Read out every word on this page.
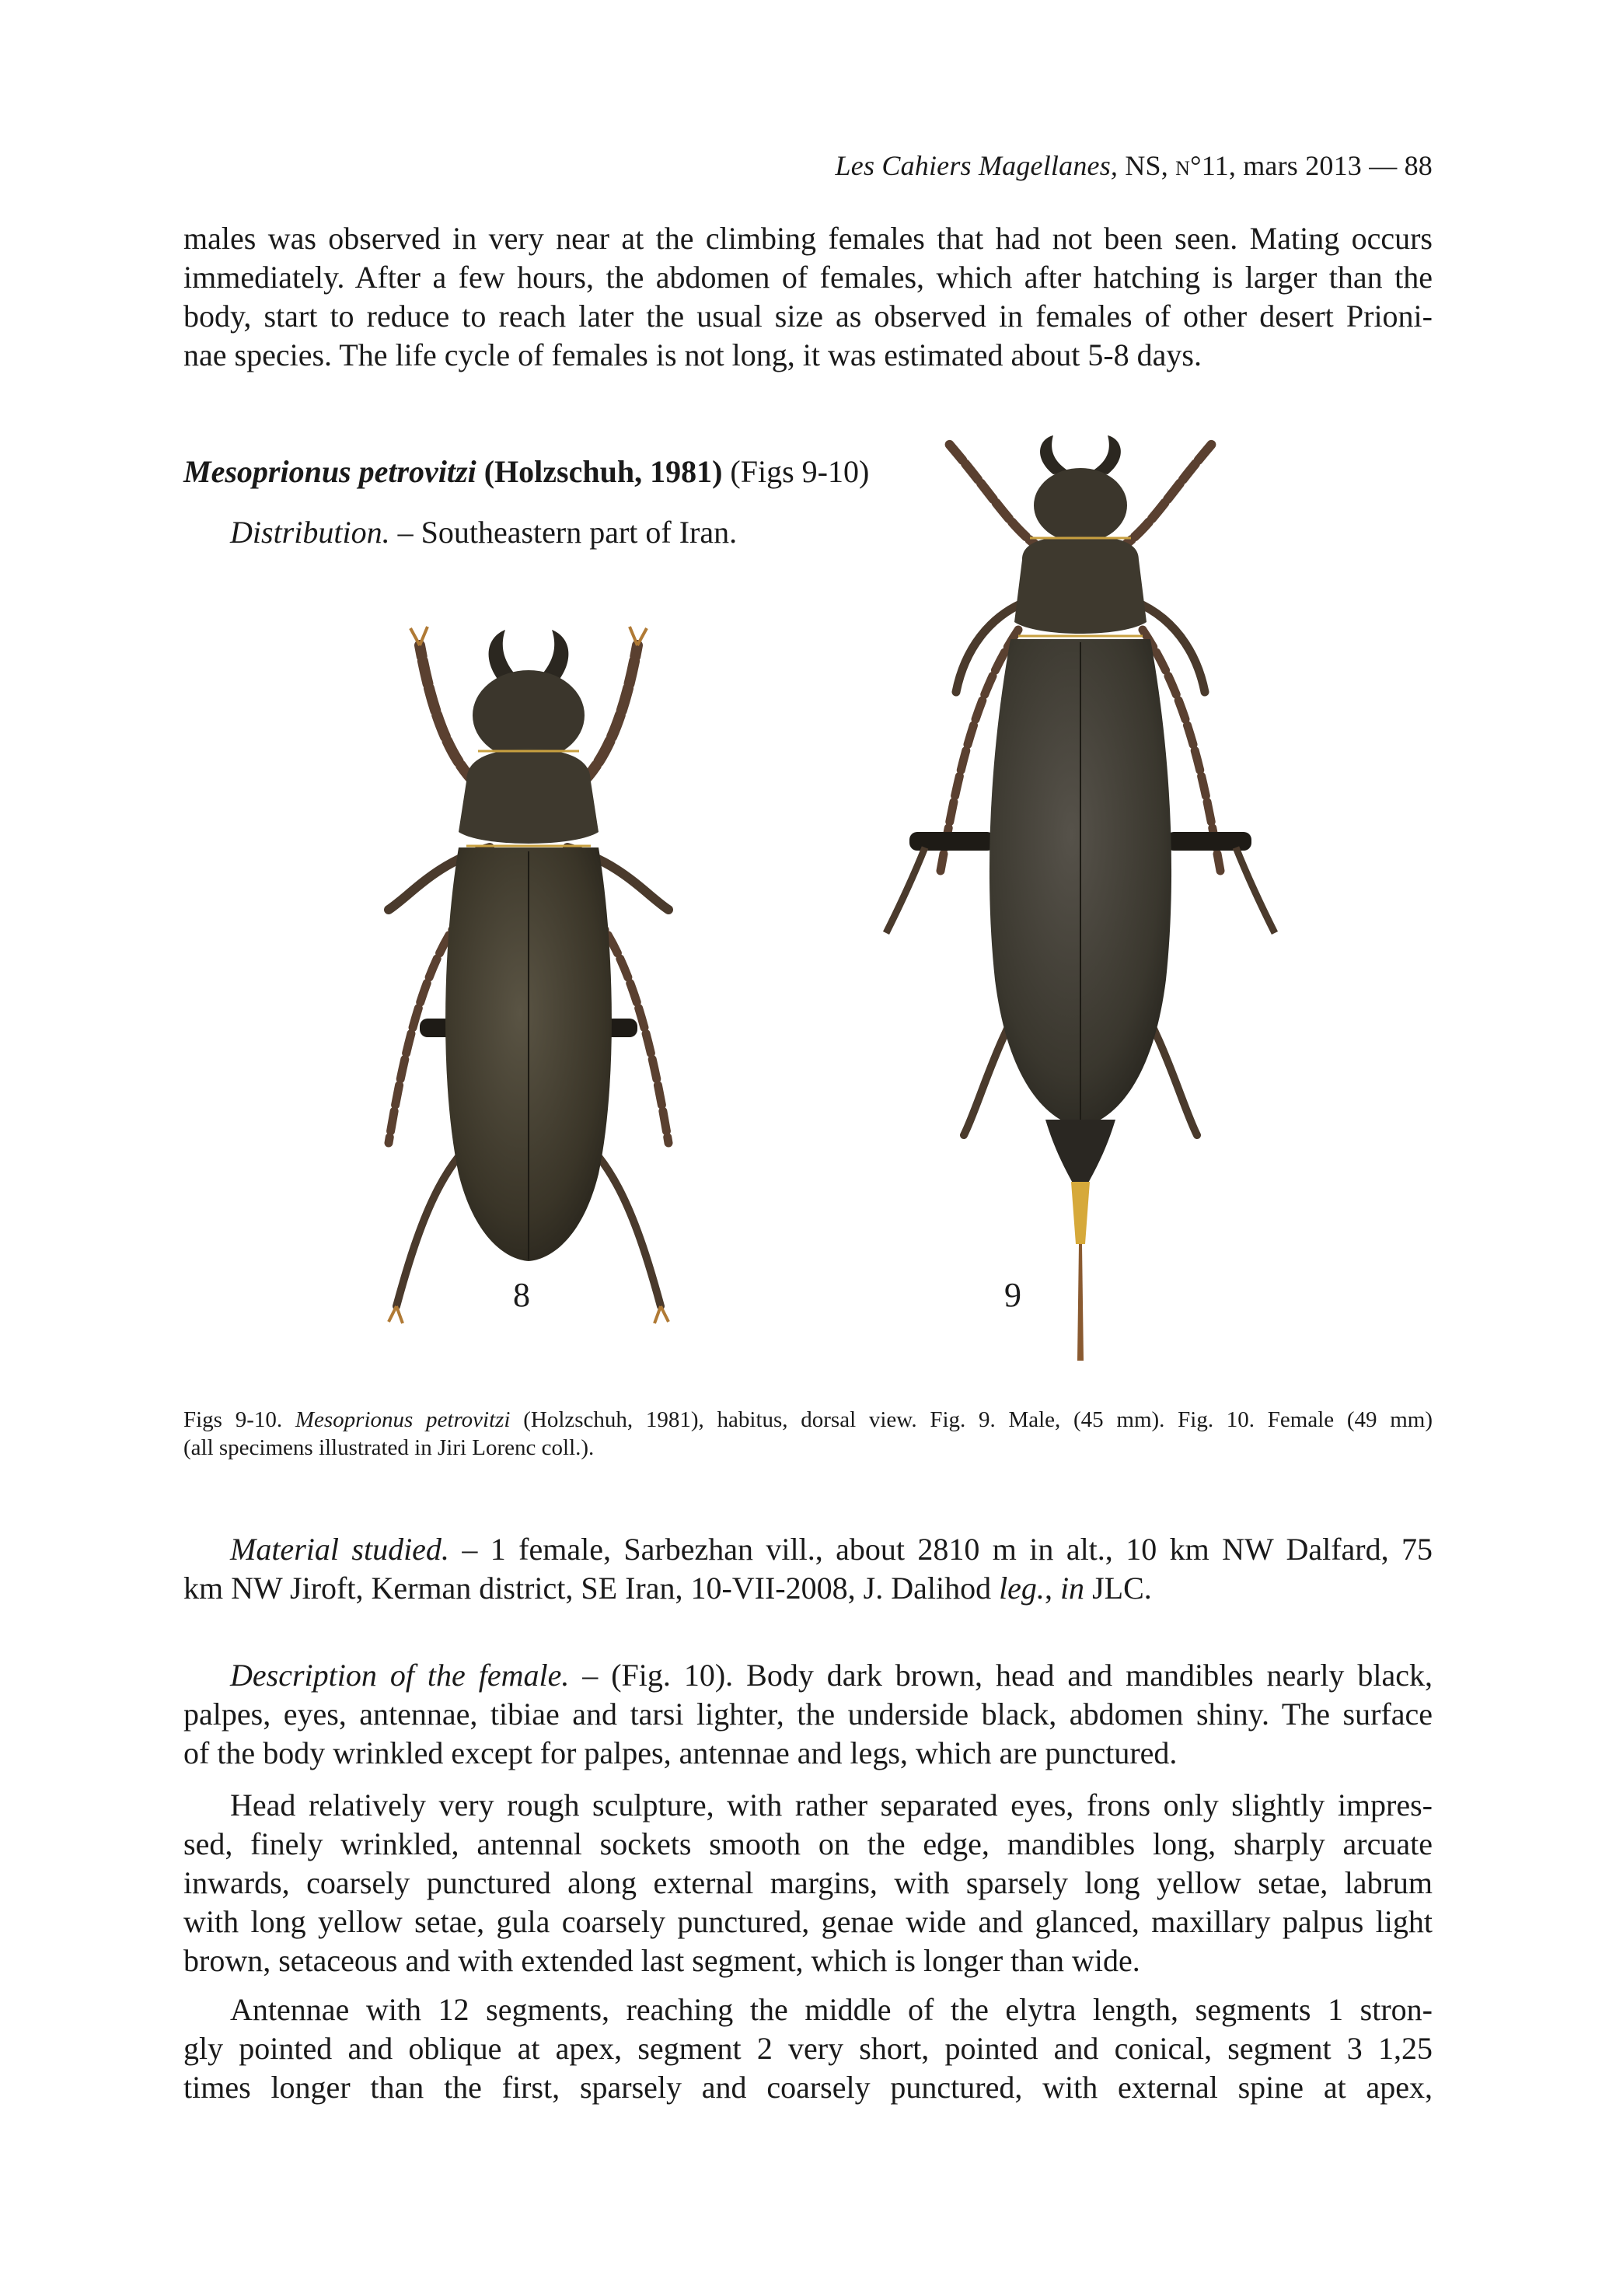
Les Cahiers Magellanes, NS, N°11, mars 2013 — 88
males was observed in very near at the climbing females that had not been seen. Mating occurs
immediately. After a few hours, the abdomen of females, which after hatching is larger than the
body, start to reduce to reach later the usual size as observed in females of other desert Prioni-
nae species. The life cycle of females is not long, it was estimated about 5-8 days.
Mesoprionus petrovitzi (Holzschuh, 1981) (Figs 9-10)
Distribution. – Southeastern part of Iran.
8	9
Figs 9-10. Mesoprionus petrovitzi (Holzschuh, 1981), habitus, dorsal view. Fig. 9. Male, (45 mm). Fig. 10. Female (49 mm)
(all specimens illustrated in Jiri Lorenc coll.).
Material studied. – 1 female, Sarbezhan vill., about 2810 m in alt., 10 km NW Dalfard, 75
km NW Jiroft, Kerman district, SE Iran, 10-VII-2008, J. Dalihod leg., in JLC.
Description of the female. – (Fig. 10). Body dark brown, head and mandibles nearly black,
palpes, eyes, antennae, tibiae and tarsi lighter, the underside black, abdomen shiny. The surface
of the body wrinkled except for palpes, antennae and legs, which are punctured.
Head relatively very rough sculpture, with rather separated eyes, frons only slightly impres-
sed, finely wrinkled, antennal sockets smooth on the edge, mandibles long, sharply arcuate
inwards, coarsely punctured along external margins, with sparsely long yellow setae, labrum
with long yellow setae, gula coarsely punctured, genae wide and glanced, maxillary palpus light
brown, setaceous and with extended last segment, which is longer than wide.
Antennae with 12 segments, reaching the middle of the elytra length, segments 1 stron-
gly pointed and oblique at apex, segment 2 very short, pointed and conical, segment 3 1,25
times longer than the first, sparsely and coarsely punctured, with external spine at apex,
